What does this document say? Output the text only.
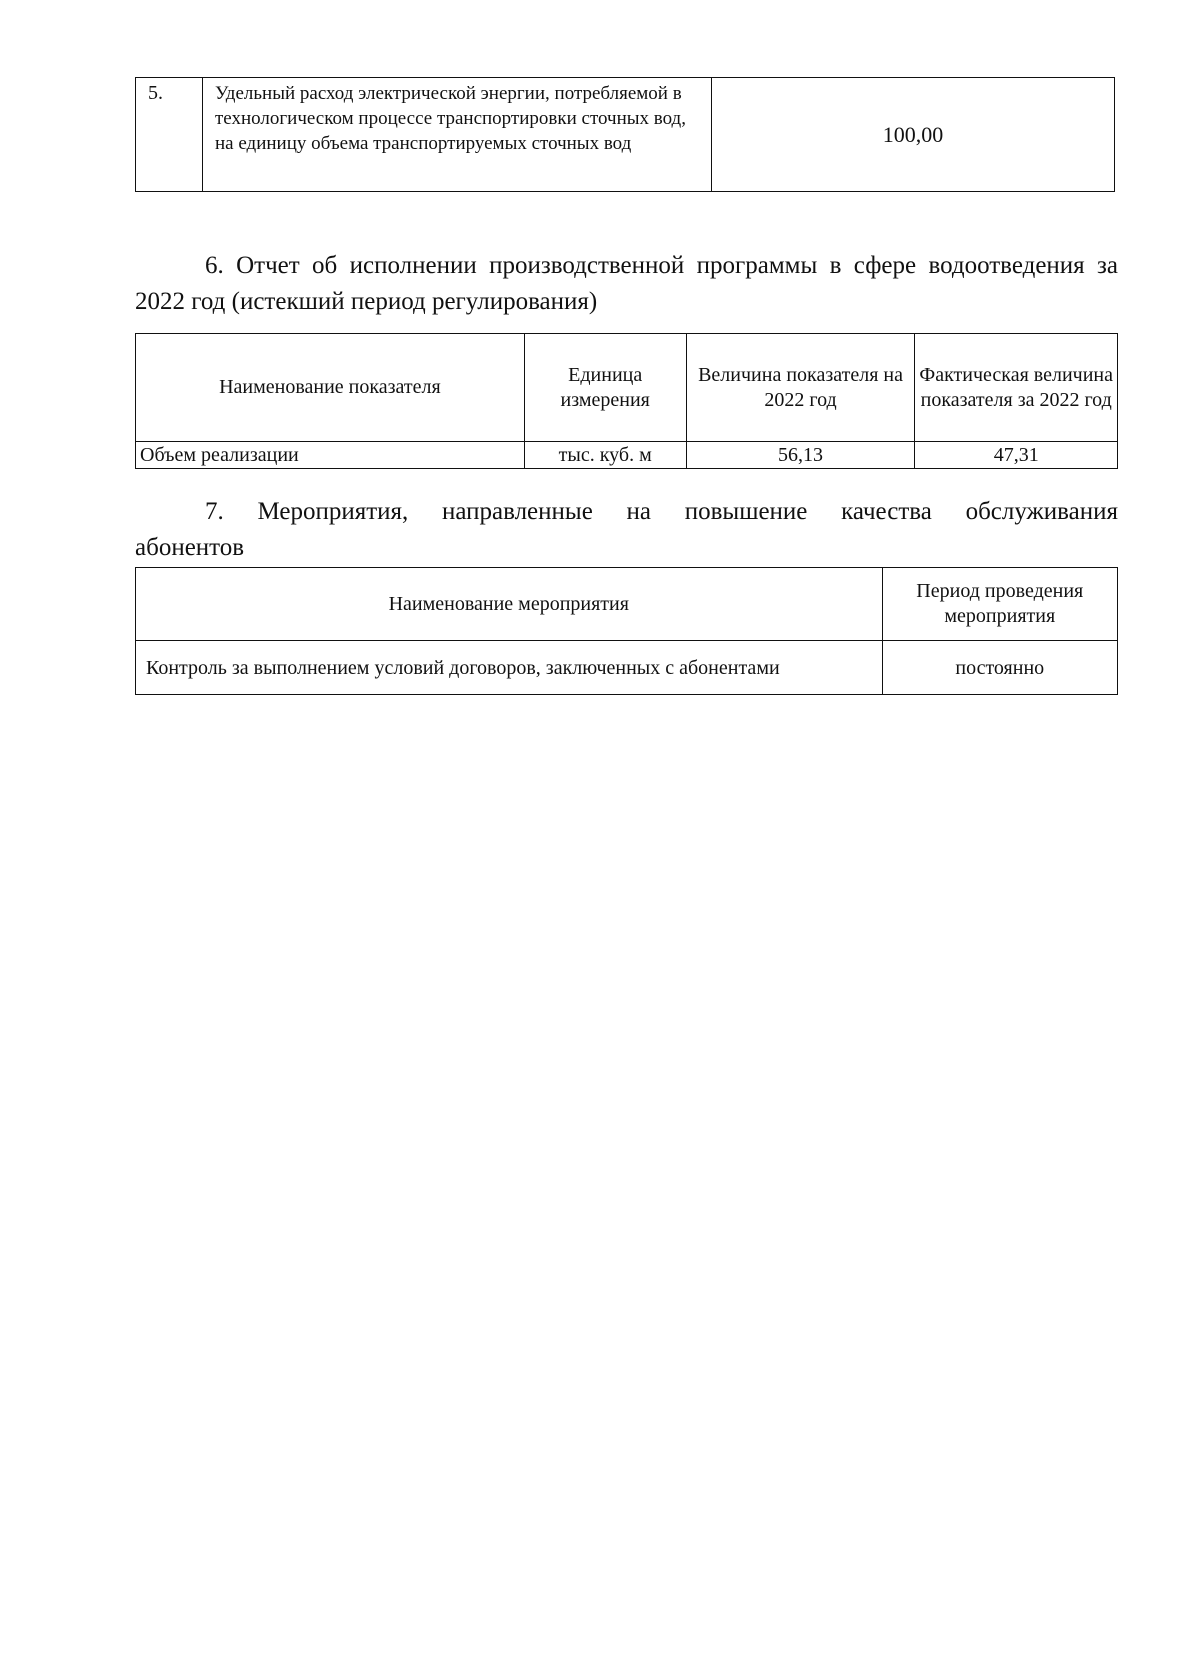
5.	Удельный расход электрической энергии, потребляемой в технологическом процессе транспортировки сточных вод, на единицу объема транспортируемых сточных вод	100,00

6. Отчет об исполнении производственной программы в сфере водоотведения за 2022 год (истекший период регулирования)

Наименование показателя	Единица измерения	Величина показателя на 2022 год	Фактическая величина показателя за 2022 год
Объем реализации	тыс. куб. м	56,13	47,31

7. Мероприятия, направленные на повышение качества обслуживания абонентов

Наименование мероприятия	Период проведения мероприятия
Контроль за выполнением условий договоров, заключенных с абонентами	постоянно
